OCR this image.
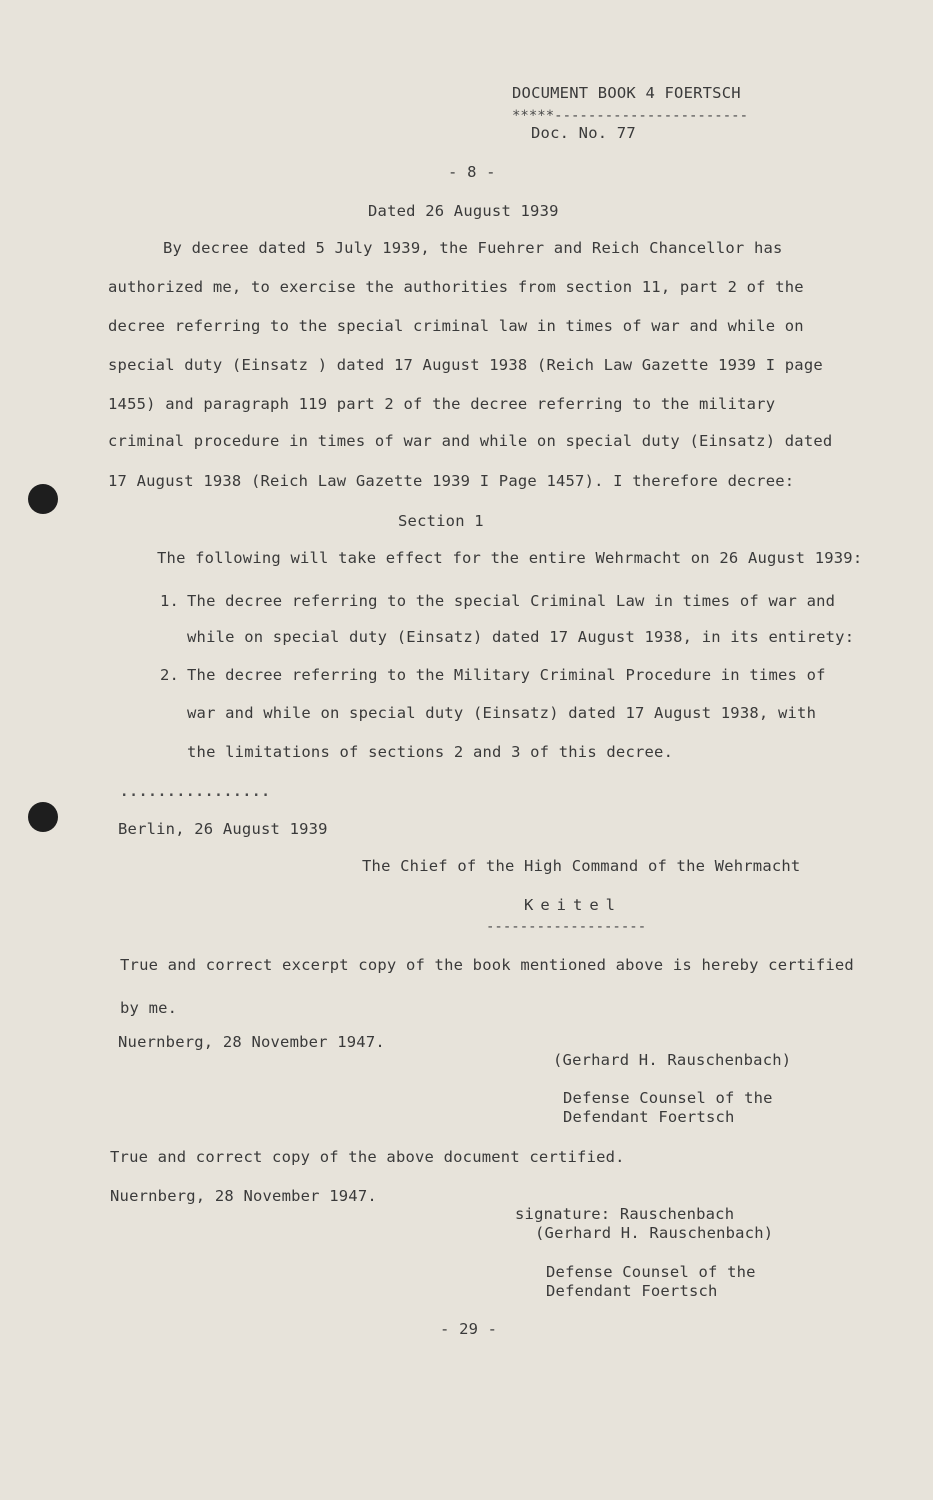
DOCUMENT BOOK 4 FOERTSCH
*****-----------------------
Doc. No. 77
- 8 -
Dated 26 August 1939
By decree dated 5 July 1939, the Fuehrer and Reich Chancellor has
authorized me, to exercise the authorities from section 11, part 2 of the
decree referring to the special criminal law in times of war and while on
special duty (Einsatz ) dated 17 August 1938 (Reich Law Gazette 1939 I page
1455) and paragraph 119 part 2 of the decree referring to the military
criminal procedure in times of war and while on special duty (Einsatz) dated
17 August 1938 (Reich Law Gazette 1939 I Page 1457). I therefore decree:
Section 1
The following will take effect for the entire Wehrmacht on 26 August 1939:
1. The decree referring to the special Criminal Law in times of war and
while on special duty (Einsatz) dated 17 August 1938, in its entirety:
2. The decree referring to the Military Criminal Procedure in times of
war and while on special duty (Einsatz) dated 17 August 1938, with
the limitations of sections 2 and 3 of this decree.
................
Berlin, 26 August 1939
The Chief of the High Command of the Wehrmacht
Keitel
-------------------
True and correct excerpt copy of the book mentioned above is hereby certified
by me.
Nuernberg, 28 November 1947.
(Gerhard H. Rauschenbach)
Defense Counsel of the
Defendant Foertsch
True and correct copy of the above document certified.
Nuernberg, 28 November 1947.
signature: Rauschenbach
(Gerhard H. Rauschenbach)
Defense Counsel of the
Defendant Foertsch
- 29 -
